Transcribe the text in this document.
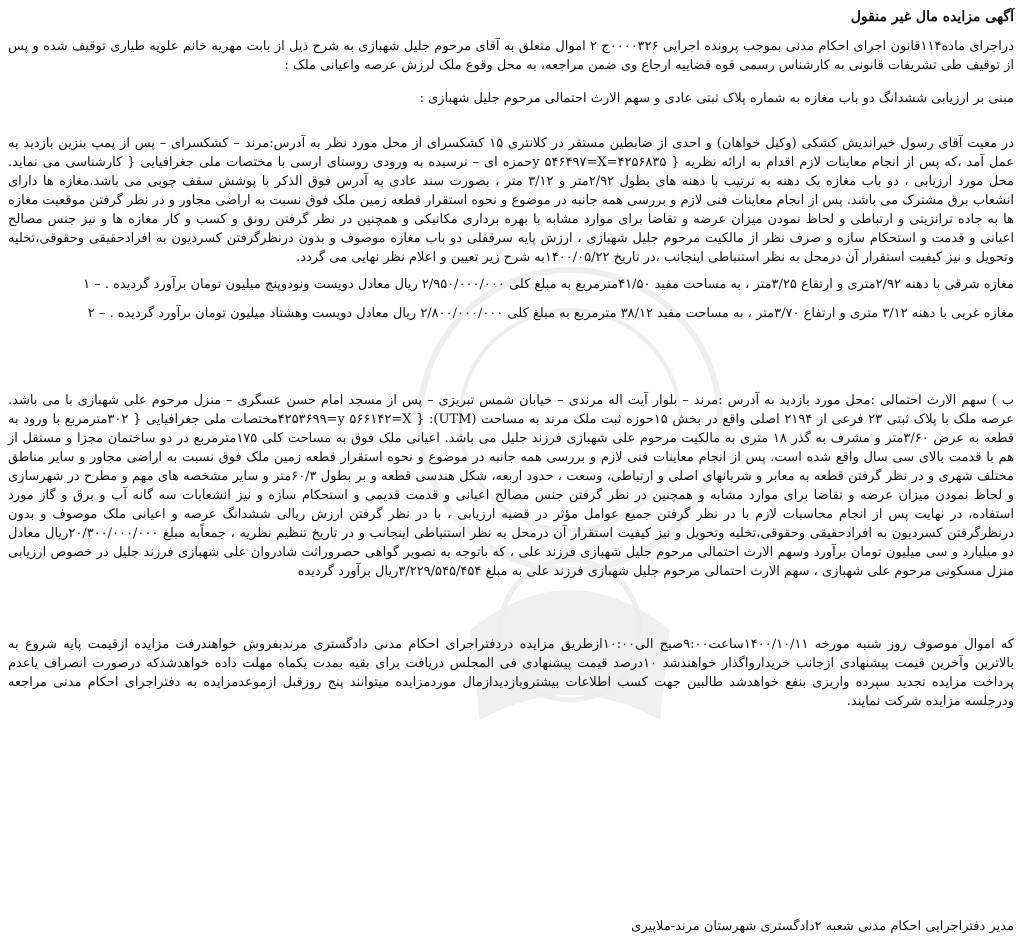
آگهی مزایده مال غیر منقول

دراجرای ماده۱۱۴قانون اجرای احکام مدنی بموجب پرونده اجرایی ۰۰۰۰۳۲۶ج ۲ اموال متعلق به آقای مرحوم جلیل شهبازی به شرح ذیل از بابت مهریه خانم علویه طیاری توقیف شده و پس از توقیف طی تشریفات قانونی به کارشناس رسمی قوه قضاییه ارجاع وی ضمن مراجعه، به محل وقوع ملک لرزش عرصه واعیانی ملک :

مبنی بر ارزیابی ششدانگ دو باب مغازه به شماره پلاک ثبتی عادی و سهم الارث احتمالی مرحوم جلیل شهبازی :

در معیت آقای رسول خیراندیش کشکی (وکیل خواهان) و احدی از ضابطین مستقر در کلانتری ۱۵ کشکسرای از محل مورد نظر به آدرس:مرند – کشکسرای – پس از پمپ بنزین بازدید به عمل آمد ،که پس از انجام معاینات لازم اقدام به ارائه نظریه { ۴۲۵۶۸۳۵=y ۵۴۶۴۹۷=Xحمزه ای – نرسیده به ورودی روستای ارسی با مختصات ملی جغرافیایی { کارشناسی می نماید. محل مورد ارزیابی ، دو باب مغازه یک دهنه به ترتیب با دهنه های بطول ۲/۹۲متر و ۳/۱۲ متر ، بصورت سند عادی به آدرس فوق الذکر با پوشش سقف چوبی می باشد.مغازه ها دارای انشعاب برق مشترک می باشد. پس از انجام معاینات فنی لازم و بررسی همه جانبه در موضوع و نحوه استقرار قطعه زمین ملک فوق نسبت به اراضی مجاور و در نظر گرفتن موقعیت مغازه ها به جاده ترانزیتی و ارتباطی و لحاظ نمودن میزان عرضه و تقاضا برای موارد مشابه با بهره برداری مکانیکی و همچنین در نظر گرفتن رونق و کسب و کار مغازه ها و نیز جنس مصالح اعیانی و قدمت و استحکام سازه و صرف نظر از مالکیت مرحوم جلیل شهبازی ، ارزش پایه سرقفلی دو باب مغازه موصوف و بدون درنظرگرفتن کسردیون به افرادحقیقی وحقوقی،تخلیه وتحویل و نیز کیفیت استقرار آن درمحل به نظر استنباطی اینجانب ،در تاریخ ۱۴۰۰/۰۵/۲۲به شرح زیر تعیین و اعلام نظر نهایی می گردد.

مغازه شرقی با دهنه ۲/۹۲متری و ارتفاع ۳/۲۵متر ، به مساحت مفید ۴۱/۵۰مترمربع به مبلغ کلی ۲/۹۵۰/۰۰۰/۰۰۰ ریال معادل دویست ونودوپنج میلیون تومان برآورد گردیده . – ۱

مغازه غربی با دهنه ۳/۱۲ متری و ارتفاع ۳/۷۰متر ، به مساحت مفید ۳۸/۱۲ مترمربع به مبلغ کلی ۲/۸۰۰/۰۰۰/۰۰۰ ریال معادل دویست وهشتاد میلیون تومان برآورد گردیده . – ۲

ب ) سهم الارث احتمالی :محل مورد بازدید به آدرس :مرند – بلوار آیت اله مرندی – خیابان شمس تبریزی – پس از مسجد امام حسن عسگری – منزل مرحوم علی شهبازی با می باشد. عرصه ملک با پلاک ثبتی ۲۳ فرعی از ۲۱۹۴ اصلی واقع در بخش ۱۵حوزه ثبت ملک مرند به مساحت (UTM): { ۴۲۵۳۶۹۹=y ۵۶۶۱۴۲=Xمختصات ملی جغرافیایی { ۳۰۲مترمربع با ورود به قطعه به عرض ۳/۶۰متر و مشرف به گذر ۱۸ متری به مالکیت مرحوم علی شهبازی فرزند جلیل می باشد. اعیانی ملک فوق به مساحت کلی ۱۷۵مترمربع در دو ساختمان مجزا و مستقل از هم با قدمت بالای سی سال واقع شده است. پس از انجام معاینات فنی لازم و بررسی همه جانبه در موضوع و نحوه استقرار قطعه زمین ملک فوق نسبت به اراضی مجاور و سایر مناطق مختلف شهری و در نظر گرفتن قطعه به معابر و شریانهای اصلی و ارتباطی، وسعت ، حدود اربعه، شکل هندسی قطعه و بر بطول ۶۰/۳متر و سایر مشخصه های مهم و مطرح در شهرسازی و لحاظ نمودن میزان عرضه و تقاضا برای موارد مشابه و همچنین در نظر گرفتن جنس مصالح اعیانی و قدمت قدیمی و استحکام سازه و نیز انشعابات سه گانه آب و برق و گاز مورد استفاده، در نهایت پس از انجام محاسبات لازم با در نظر گرفتن جمیع عوامل مؤثر در قضیه ارزیابی ، با در نظر گرفتن ارزش ریالی ششدانگ عرصه و اعیانی ملک موصوف و بدون درنظرگرفتن کسردیون به افرادحقیقی وحقوقی،تخلیه وتحویل و نیز کیفیت استقرار آن درمحل به نظر استنباطی اینجانب و در تاریخ تنظیم نظریه ، جمعاًبه مبلغ ۲۰/۳۰۰/۰۰۰/۰۰۰ریال معادل دو میلیارد و سی میلیون تومان برآورد وسهم الارث احتمالی مرحوم جلیل شهبازی فرزند علی ، که باتوجه به تصویر گواهی حصروراثت شادروان علی شهبازی فرزند جلیل در خصوص ارزیابی منزل مسکونی مرحوم علی شهبازی ، سهم الارث احتمالی مرحوم جلیل شهبازی فرزند علی به مبلغ ۳/۲۲۹/۵۴۵/۴۵۴ریال برآورد گردیده

که اموال موصوف روز شنبه مورخه ۱۴۰۰/۱۰/۱۱ساعت۹:۰۰صبح الی۱۰:۰۰ازطریق مزایده دردفتراجرای احکام مدنی دادگستری مرندبفروش خواهندرفت مزایده ازقیمت پایه شروع به بالاترین وآخرین قیمت پیشنهادی ازجانب خریدارواگذار خواهندشد ۱۰درصد قیمت پیشنهادی فی المجلس دریافت برای بقیه بمدت یکماه مهلت داده خواهدشدکه درصورت انصراف یاعدم پرداخت مزایده تجدید سپرده واریزی بنفع خواهدشد طالبین جهت کسب اطلاعات بیشتروبازدیدازمال موردمزایده میتوانند پنج روزقبل ازموعدمزایده به دفتراجرای احکام مدنی مراجعه ودرجلسه مزایده شرکت نمایند.

مدیر دفتراجرایی احکام مدنی شعبه ۲دادگستری شهرستان مرند-ملاپیری
